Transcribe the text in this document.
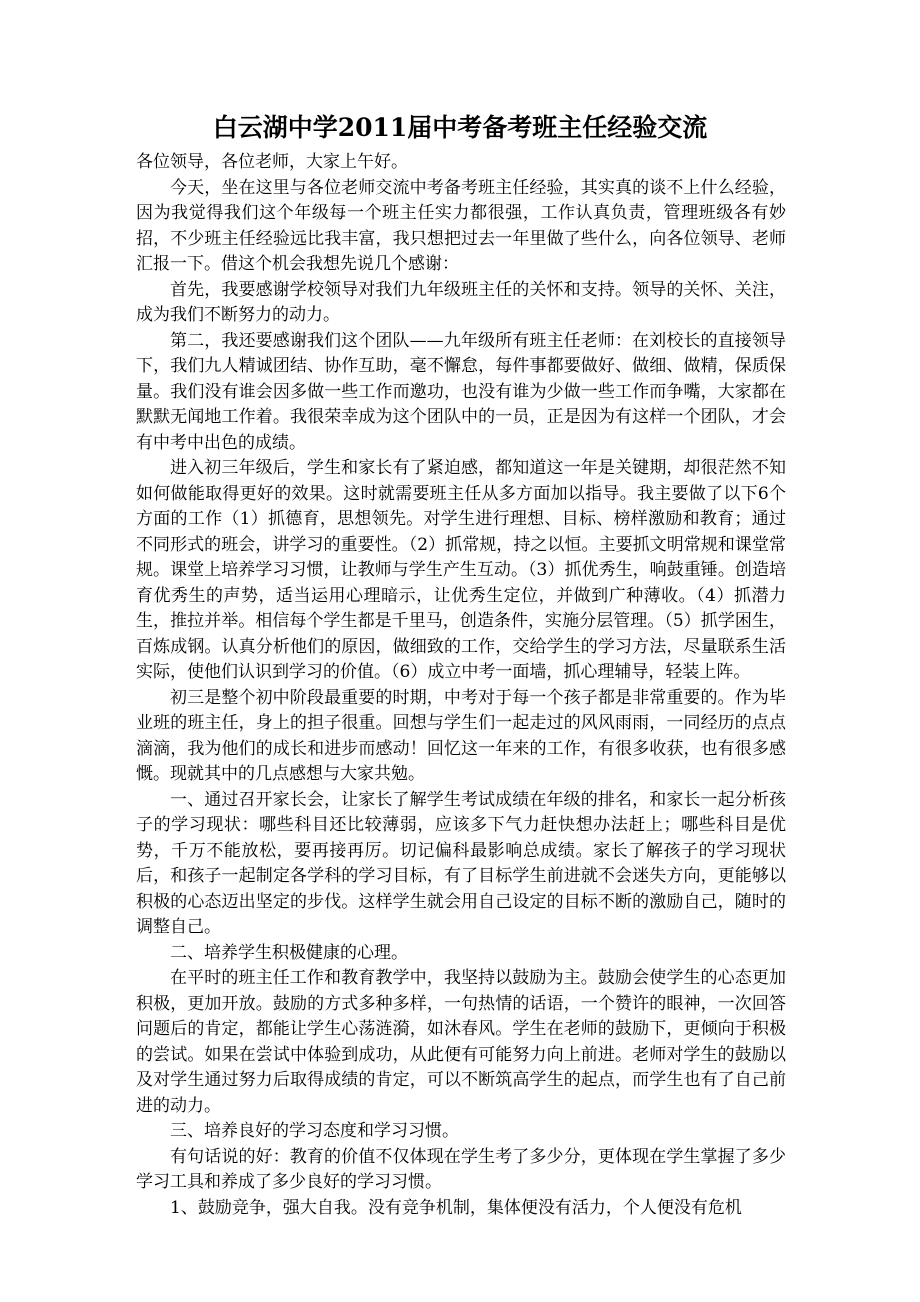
白云湖中学2011届中考备考班主任经验交流

各位领导，各位老师，大家上午好。

今天，坐在这里与各位老师交流中考备考班主任经验，其实真的谈不上什么经验，因为我觉得我们这个年级每一个班主任实力都很强，工作认真负责，管理班级各有妙招，不少班主任经验远比我丰富，我只想把过去一年里做了些什么，向各位领导、老师汇报一下。借这个机会我想先说几个感谢：

首先，我要感谢学校领导对我们九年级班主任的关怀和支持。领导的关怀、关注，成为我们不断努力的动力。

第二，我还要感谢我们这个团队——九年级所有班主任老师：在刘校长的直接领导下，我们九人精诚团结、协作互助，毫不懈怠，每件事都要做好、做细、做精，保质保量。我们没有谁会因多做一些工作而邀功，也没有谁为少做一些工作而争嘴，大家都在默默无闻地工作着。我很荣幸成为这个团队中的一员，正是因为有这样一个团队，才会有中考中出色的成绩。

进入初三年级后，学生和家长有了紧迫感，都知道这一年是关键期，却很茫然不知如何做能取得更好的效果。这时就需要班主任从多方面加以指导。我主要做了以下6个方面的工作（1）抓德育，思想领先。对学生进行理想、目标、榜样激励和教育；通过不同形式的班会，讲学习的重要性。（2）抓常规，持之以恒。主要抓文明常规和课堂常规。课堂上培养学习习惯，让教师与学生产生互动。（3）抓优秀生，响鼓重锤。创造培育优秀生的声势，适当运用心理暗示，让优秀生定位，并做到广种薄收。（4）抓潜力生，推拉并举。相信每个学生都是千里马，创造条件，实施分层管理。（5）抓学困生，百炼成钢。认真分析他们的原因，做细致的工作，交给学生的学习方法，尽量联系生活实际，使他们认识到学习的价值。（6）成立中考一面墙，抓心理辅导，轻装上阵。

初三是整个初中阶段最重要的时期，中考对于每一个孩子都是非常重要的。作为毕业班的班主任，身上的担子很重。回想与学生们一起走过的风风雨雨，一同经历的点点滴滴，我为他们的成长和进步而感动！回忆这一年来的工作，有很多收获，也有很多感慨。现就其中的几点感想与大家共勉。

一、通过召开家长会，让家长了解学生考试成绩在年级的排名，和家长一起分析孩子的学习现状：哪些科目还比较薄弱，应该多下气力赶快想办法赶上；哪些科目是优势，千万不能放松，要再接再厉。切记偏科最影响总成绩。家长了解孩子的学习现状后，和孩子一起制定各学科的学习目标，有了目标学生前进就不会迷失方向，更能够以积极的心态迈出坚定的步伐。这样学生就会用自己设定的目标不断的激励自己，随时的调整自己。

二、培养学生积极健康的心理。

在平时的班主任工作和教育教学中，我坚持以鼓励为主。鼓励会使学生的心态更加积极，更加开放。鼓励的方式多种多样，一句热情的话语，一个赞许的眼神，一次回答问题后的肯定，都能让学生心荡涟漪，如沐春风。学生在老师的鼓励下，更倾向于积极的尝试。如果在尝试中体验到成功，从此便有可能努力向上前进。老师对学生的鼓励以及对学生通过努力后取得成绩的肯定，可以不断筑高学生的起点，而学生也有了自己前进的动力。

三、培养良好的学习态度和学习习惯。

有句话说的好：教育的价值不仅体现在学生考了多少分，更体现在学生掌握了多少学习工具和养成了多少良好的学习习惯。

1、鼓励竞争，强大自我。没有竞争机制，集体便没有活力，个人便没有危机
